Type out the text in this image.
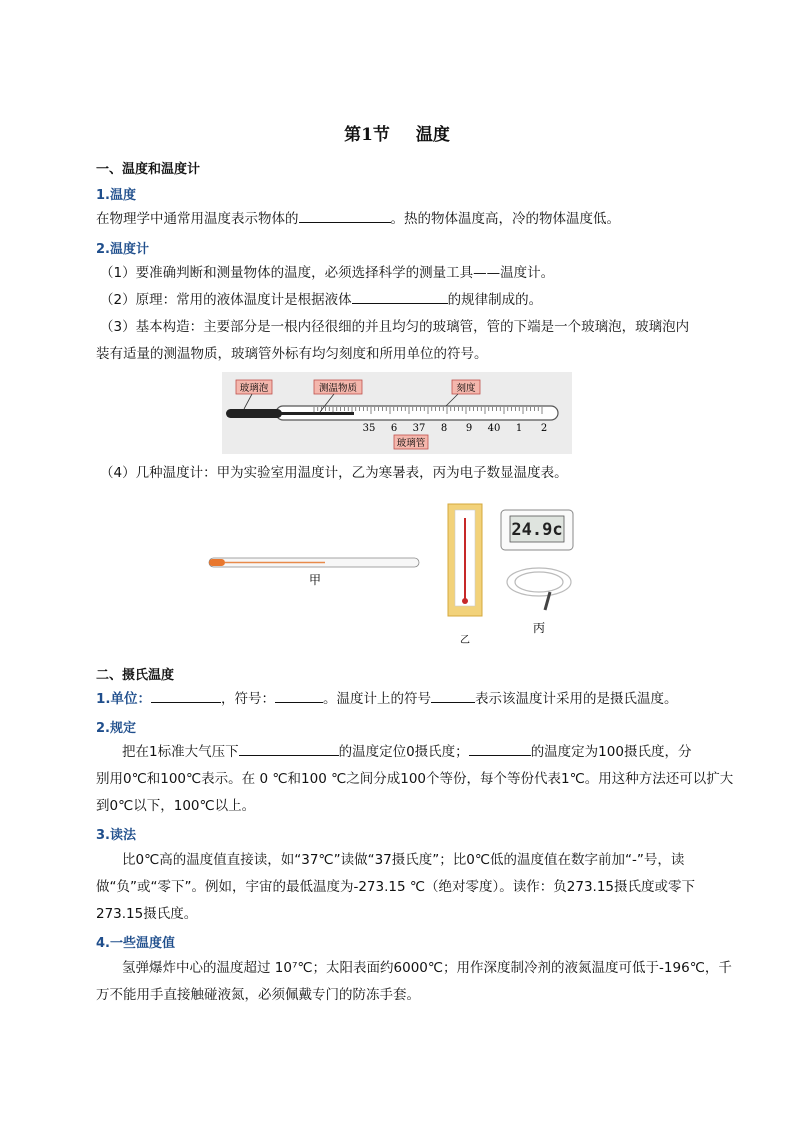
第1节 温度
一、温度和温度计
1.温度
在物理学中通常用温度表示物体的	。热的物体温度高，冷的物体温度低。
2.温度计
（1）要准确判断和测量物体的温度，必须选择科学的测量工具——温度计。
（2）原理：常用的液体温度计是根据液体	的规律制成的。
（3）基本构造：主要部分是一根内径很细的并且均匀的玻璃管，管的下端是一个玻璃泡，玻璃泡内
装有适量的测温物质，玻璃管外标有均匀刻度和所用单位的符号。
玻璃泡	测温物质	刻度
玻璃管
35 6 37 8 9 40 1 2
（4）几种温度计：甲为实验室用温度计，乙为寒暑表，丙为电子数显温度表。
甲
乙
24.9c
丙
二、摄氏温度
1.单位：	，符号：	。温度计上的符号	表示该温度计采用的是摄氏温度。
2.规定
把在1标准大气压下	的温度定位0摄氏度；	的温度定为100摄氏度，分
别用0℃和100℃表示。在 0 ℃和100 ℃之间分成100个等份，每个等份代表1℃。用这种方法还可以扩大
到0℃以下，100℃以上。
3.读法
比0℃高的温度值直接读，如“37℃”读做“37摄氏度”；比0℃低的温度值在数字前加“-”号，读
做“负”或“零下”。例如，宇宙的最低温度为-273.15 ℃（绝对零度）。读作：负273.15摄氏度或零下
273.15摄氏度。
4.一些温度值
氢弹爆炸中心的温度超过 10⁷℃；太阳表面约6000℃；用作深度制冷剂的液氮温度可低于-196℃，千
万不能用手直接触碰液氮，必须佩戴专门的防冻手套。
